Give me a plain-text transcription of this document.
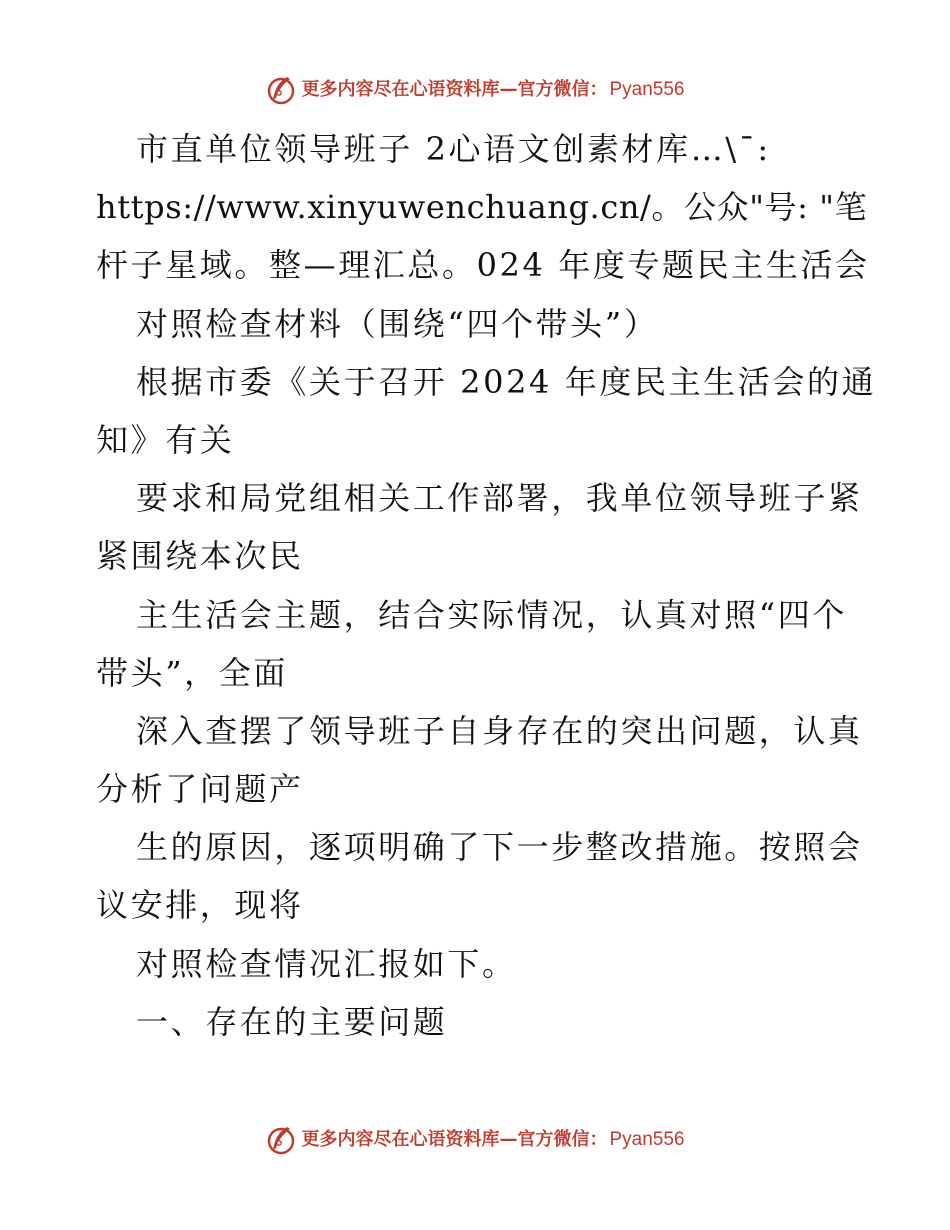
更多内容尽在心语资料库—官方微信： Pyan556
市直单位领导班子 2心语文创素材库…\¯:
https://www.xinyuwenchuang.cn/。公众"号: "笔
杆子星域。整—理汇总。024 年度专题民主生活会
对照检查材料（围绕“四个带头”）
根据市委《关于召开 2024 年度民主生活会的通
知》有关
要求和局党组相关工作部署，我单位领导班子紧
紧围绕本次民
主生活会主题，结合实际情况，认真对照“四个
带头”，全面
深入查摆了领导班子自身存在的突出问题，认真
分析了问题产
生的原因，逐项明确了下一步整改措施。按照会
议安排，现将
对照检查情况汇报如下。
一、存在的主要问题
更多内容尽在心语资料库—官方微信： Pyan556
